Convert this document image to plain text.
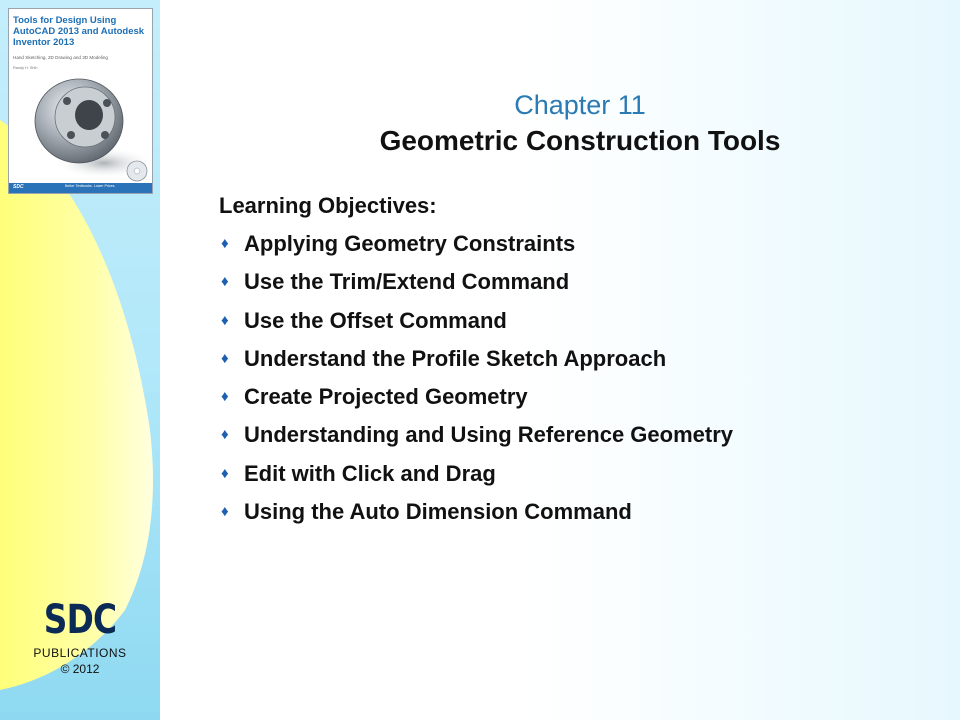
Tools for Design Using AutoCAD 2013 and Autodesk Inventor 2013
Hand Sketching, 2D Drawing and 3D Modeling
Randy H. Shih
SDC	Better Textbooks. Lower Prices.
SDC
PUBLICATIONS
© 2012
Chapter 11
Geometric Construction Tools
Learning Objectives:
♦ Applying Geometry Constraints
♦ Use the Trim/Extend Command
♦ Use the Offset Command
♦ Understand the Profile Sketch Approach
♦ Create Projected Geometry
♦ Understanding and Using Reference Geometry
♦ Edit with Click and Drag
♦ Using the Auto Dimension Command
